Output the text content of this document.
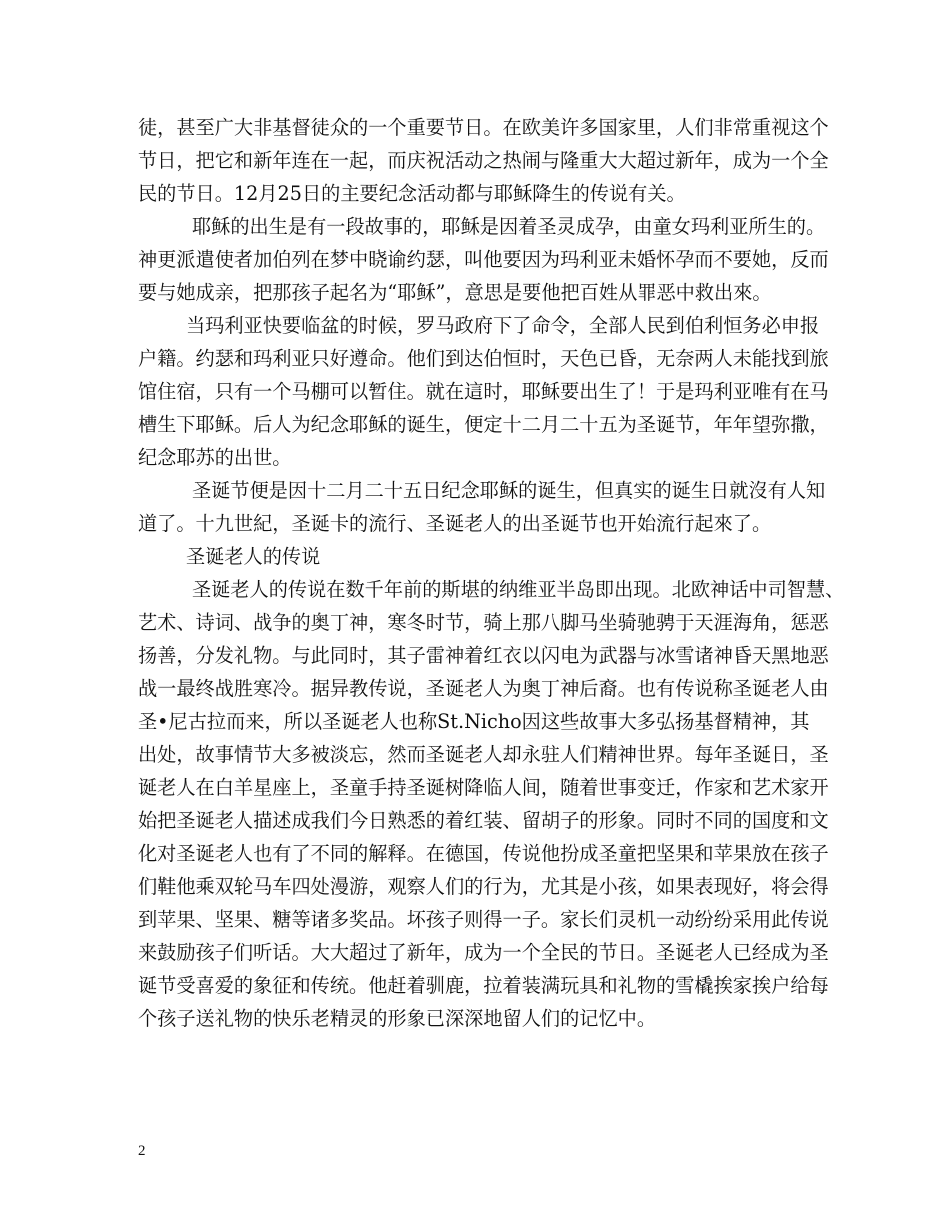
徒，甚至广大非基督徒众的一个重要节日。在欧美许多国家里，人们非常重视这个
节日，把它和新年连在一起，而庆祝活动之热闹与隆重大大超过新年，成为一个全
民的节日。12月25日的主要纪念活动都与耶稣降生的传说有关。
耶稣的出生是有一段故事的，耶稣是因着圣灵成孕，由童女玛利亚所生的。
神更派遣使者加伯列在梦中晓谕约瑟，叫他要因为玛利亚未婚怀孕而不要她，反而
要与她成亲，把那孩子起名为“耶稣”，意思是要他把百姓从罪恶中救出來。
当玛利亚快要临盆的时候，罗马政府下了命令，全部人民到伯利恒务必申报
户籍。约瑟和玛利亚只好遵命。他们到达伯恒时，天色已昏，无奈两人未能找到旅
馆住宿，只有一个马棚可以暂住。就在這时，耶稣要出生了！于是玛利亚唯有在马
槽生下耶稣。后人为纪念耶稣的诞生，便定十二月二十五为圣诞节，年年望弥撒，
纪念耶苏的出世。
圣诞节便是因十二月二十五日纪念耶稣的诞生，但真实的诞生日就沒有人知
道了。十九世紀，圣诞卡的流行、圣诞老人的出圣诞节也开始流行起來了。
圣诞老人的传说
圣诞老人的传说在数千年前的斯堪的纳维亚半岛即出现。北欧神话中司智慧、
艺术、诗词、战争的奥丁神，寒冬时节，骑上那八脚马坐骑驰骋于天涯海角，惩恶
扬善，分发礼物。与此同时，其子雷神着红衣以闪电为武器与冰雪诸神昏天黑地恶
战一最终战胜寒冷。据异教传说，圣诞老人为奥丁神后裔。也有传说称圣诞老人由
圣•尼古拉而来，所以圣诞老人也称St.Nicho因这些故事大多弘扬基督精神，其
出处，故事情节大多被淡忘，然而圣诞老人却永驻人们精神世界。每年圣诞日，圣
诞老人在白羊星座上，圣童手持圣诞树降临人间，随着世事变迁，作家和艺术家开
始把圣诞老人描述成我们今日熟悉的着红装、留胡子的形象。同时不同的国度和文
化对圣诞老人也有了不同的解释。在德国，传说他扮成圣童把坚果和苹果放在孩子
们鞋他乘双轮马车四处漫游，观察人们的行为，尤其是小孩，如果表现好，将会得
到苹果、坚果、糖等诸多奖品。坏孩子则得一子。家长们灵机一动纷纷采用此传说
来鼓励孩子们听话。大大超过了新年，成为一个全民的节日。圣诞老人已经成为圣
诞节受喜爱的象征和传统。他赶着驯鹿，拉着装满玩具和礼物的雪橇挨家挨户给每
个孩子送礼物的快乐老精灵的形象已深深地留人们的记忆中。
2
